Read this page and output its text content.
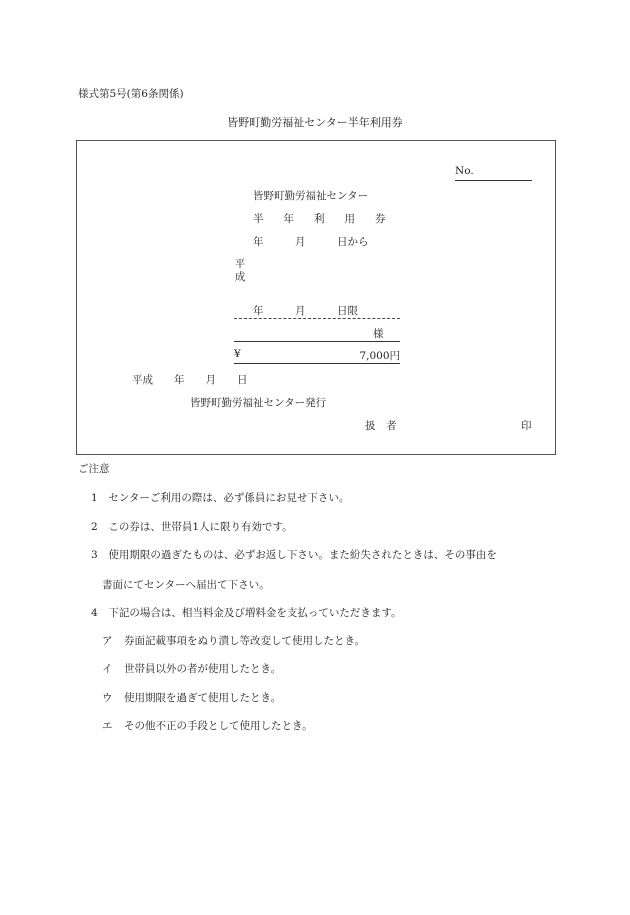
様式第5号(第6条関係)
皆野町勤労福祉センター半年利用券
No.
皆野町勤労福祉センター
半 年 利 用 券
年　　　月　　　日から
平成
年　　　月　　　日限
様
¥	7,000円
平成　　年　　月　　日
皆野町勤労福祉センター発行
扱　者	印
ご注意
1 センターご利用の際は、必ず係員にお見せ下さい。
2 この券は、世帯員1人に限り有効です。
3 使用期限の過ぎたものは、必ずお返し下さい。また紛失されたときは、その事由を
書面にてセンターへ届出て下さい。
4 下記の場合は、相当料金及び増料金を支払っていただきます。
ア 券面記載事項をぬり潰し等改変して使用したとき。
イ 世帯員以外の者が使用したとき。
ウ 使用期限を過ぎて使用したとき。
エ その他不正の手段として使用したとき。
